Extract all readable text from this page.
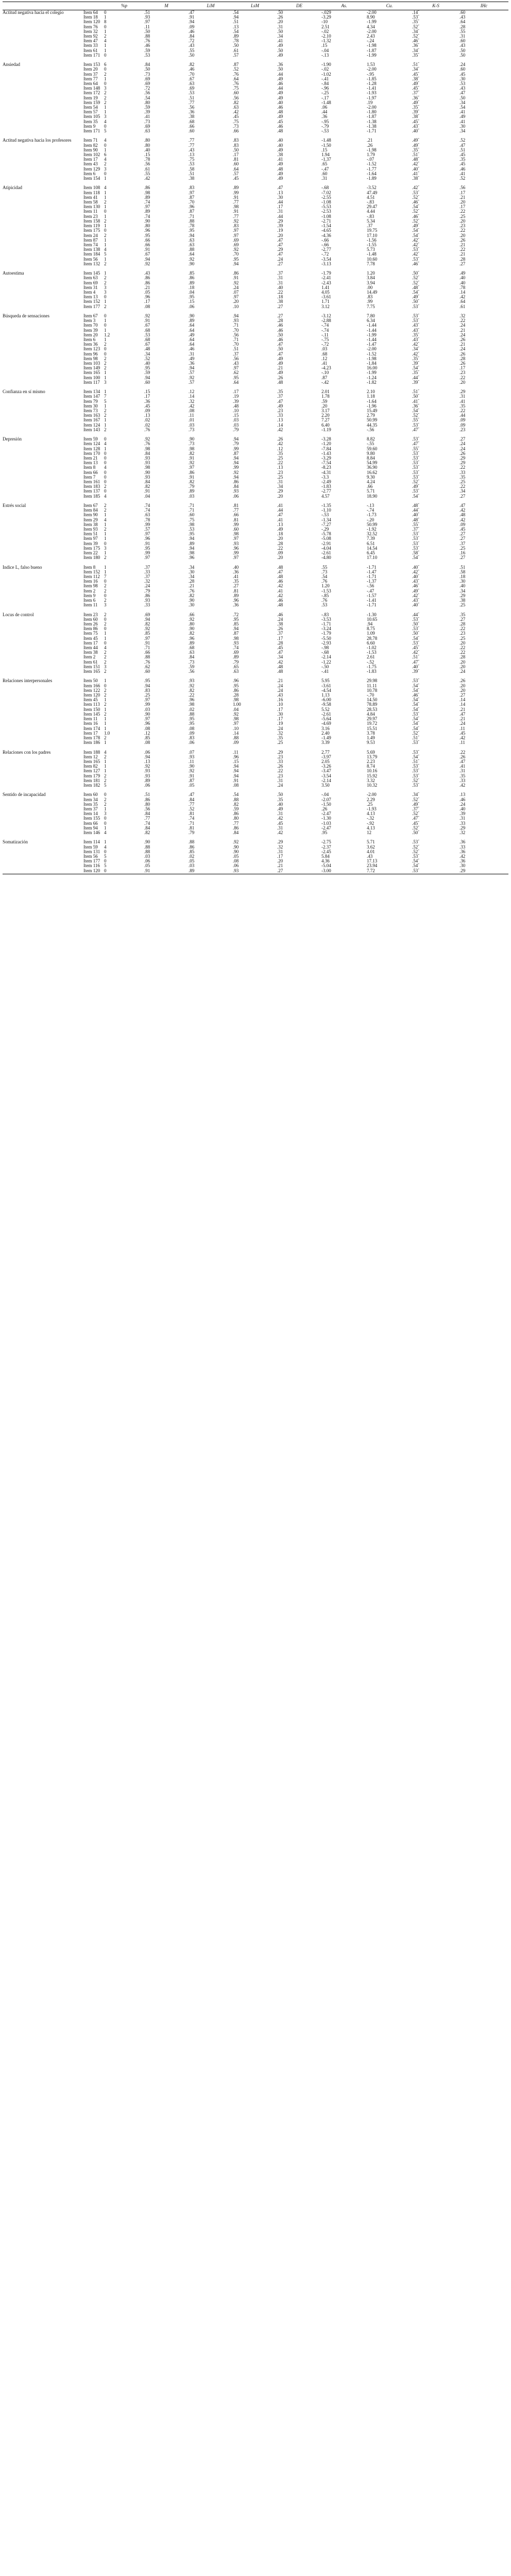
		%p	M	LiM	LsM	DE	As.	Cu.	K-S	IHc
Actitud negativa hacia el colegio	Item 64	0	.51	.47	.54	.50	-.029	-2.00	.14*	.60
	Item 18	1	.93	.91	.94	.26	-3.29	8.90	.53*	.43
	Item 120	8	.97	.94	.51	.20	-10	-1.99	.35*	.64
	Item 76	0	.11	.09	.13	.31	2.51	4.34	.52*	.28
	Item 32	1	.50	.46	.54	.50	-.02	-2.00	.34*	.55
	Item 92	2	.88	.84	.89	.34	-2.10	2.43	.52*	.31
	Item 47	4	.76	.72	.78	.41	-1.32	-.24	.46*	.60
	Item 33	1	.46	.43	.50	.49	.15	-1.98	.36*	.43
	Item 61	1	.59	.55	.61	.50	-.04	-1.87	.34*	.50
	Item 171	0	.53	.50	.57	.49	-.13	-1.99	.35*	.50

Ansiedad	Item 153	6	.84	.82	.87	.36	-1.90	1.53	.51*	.24
	Item 20	0	.50	.46	.52	.50	-.02	-2.00	.34*	.60
	Item 37	2	.73	.70	.76	.44	-1.02	-.95	.45*	.45
	Item 77	1	.69	.67	.64	.49	-.41	-1.85	.38*	.30
	Item 64	0	.69	.63	.76	.46	-.84	-1.28	.49*	.53
	Item 148	3	.72	.69	.75	.44	-.96	-1.41	.45*	.43
	Item 172	2	.56	.53	.60	.49	-.25	-1.93	.37*	.47
	Item 19	2	.54	.51	.56	.49	-.17	-1.97	.36*	.50
	Item 159	2	.80	.77	.82	.40	-1.48	.19	.49*	.34
	Item 54	1	.59	.56	.63	.46	.06	-2.00	.35*	.54
	Item 57	1	.39	.36	.42	.48	.44	-1.80	.39*	.41
	Item 105	3	.41	.38	.45	.49	.36	-1.87	.38*	.49
	Item 35	4	.73	.68	.75	.45	-.95	-1.38	.45*	.41
	Item 9	0	.69	.66	.73	.46	-.79	-1.38	.43*	.30
	Item 171	5	.63	.60	.66	.48	-.53	-1.71	.40*	.34

Actitud negativa hacia los profesores	Item 71	4	.80	.77	.83	.40	-1.48	.21	.49*	.52
	Item 82	0	.80	.77	.83	.40	-1.50	.26	.49*	.47
	Item 90	1	.40	.43	.50	.49	.15	-1.98	.35*	.51
	Item 102	6	.15	.13	.17	.38	1.94	1.79	.51*	.45
	Item 17	4	.78	.75	.81	.41	-1.37	-.07	.48*	.35
	Item 43	2	.56	.53	.60	.49	.65	-1.52	.42*	.45
	Item 129	3	.61	.58	.64	.48	-.47	-1.77	.40*	.46
	Item 6	0	.55	.51	.57	.49	.60	-1.64	.41*	.41
	Item 154	1	.42	.38	.45	.49	.31	-1.89	.38*	.52

Atipicidad	Item 108	4	.86	.83	.89	.47	-.68	-3.52	.42*	.56
	Item 118	1	.98	.97	.99	.13	-7.02	47.49	.53*	.17
	Item 41	1	.89	.87	.91	.30	-2.55	4.51	.52*	.21
	Item 58	2	.74	.70	.77	.44	-1.08	-.83	.46*	.20
	Item 130	1	.97	.96	.98	.17	-5.53	29.47	.54*	.17
	Item 11	0	.89	.87	.91	.31	-2.53	4.44	.52*	.22
	Item 23	1	.74	.71	.77	.44	-1.08	-.83	.46*	.25
	Item 158	2	.90	.88	.92	.29	-2.71	5.34	.52*	.20
	Item 119	1	.80	.78	.83	.39	-1.54	.37	.49*	.23
	Item 175	0	.96	.95	.97	.19	-4.65	19.75	.54*	.22
	Item 24	2	.95	.94	.97	.20	-4.36	17.10	.54*	.20
	Item 87	1	.66	.63	.69	.47	-.66	-1.56	.42*	.26
	Item 74	1	.66	.63	.69	.47	-.66	-1.55	.42*	.21
	Item 138	4	.91	.88	.92	.29	-2.77	5.73	.53*	.22
	Item 184	5	.67	.64	.70	.47	-.72	-1.48	.42*	.21
	Item 56	1	.94	.92	.95	.24	-3.54	10.60	.53*	.28
	Item 132	2	.92	.90	.94	.27	-3.13	7.78	.46*	.27

Autoestima	Item 145	1	.43	.85	.86	.37	-1.79	1.20	.50*	.49
	Item 63	2	.86	.86	.91	.31	-2.41	3.84	.52*	.40
	Item 69	2	.86	.89	.92	.31	-2.43	3.94	.52*	.40
	Item 31	3	.21	.18	.24	.40	1.41	.00	.48*	.78
	Item 4	3	.05	.04	.07	.22	4.05	14.49	.54*	.14
	Item 13	0	.96	.95	.97	.18	-3.61	.83	.49*	.42
	Item 152	1	.17	.15	.20	.38	1.71	.99	.50*	.64
	Item 177	2	.08	.06	.10	.27	3.12	7.75	.53*	.61

Búsqueda de sensaciones	Item 67	0	.92	.90	.94	.27	-3.12	7.80	.53*	.32
	Item 3	1	.91	.89	.93	.28	-2.88	6.34	.53*	.22
	Item 70	0	.67	.64	.71	.46	-.74	-1.44	.43*	.24
	Item 39	1	.68	.64	.70	.46	-.74	-1.44	.43*	.21
	Item 20	1.2	.53	.49	.56	.50	-.11	-1.99	.35*	.24
	Item 6	1	.68	.64	.71	.46	-.75	-1.44	.43*	.26
	Item 36	2	.67	.64	.70	.47	-.72	-1.47	.42*	.21
	Item 123	0	.48	.46	.51	.50	.03	-2.00	.34*	.24
	Item 96	0	.34	.31	.37	.47	.68	-1.52	.42*	.26
	Item 98	2	.52	.49	.56	.49	.12	-1.98	.35*	.28
	Item 103	2	.40	.36	.43	.49	.41	-1.84	.39*	.26
	Item 149	2	.95	.94	.97	.21	-4.23	16.00	.54*	.17
	Item 165	1	.59	.57	.62	.49	-.10	-1.99	.35*	.23
	Item 100	1	.94	.92	.95	.26	.87	-1.24	.44*	.22
	Item 117	3	.60	.57	.64	.48	-.42	-1.82	.39*	.20

Confianza en sí mismo	Item 134	1	.15	.12	.17	.35	2.01	2.10	.51*	.29
	Item 147	7	.17	.14	.19	.37	1.78	1.18	.50*	.31
	Item 79	5	.36	.32	.39	.47	.59	-1.64	.41*	.41
	Item 30	1	.45	.42	.48	.49	.20	-1.96	.36*	.35
	Item 73	2	.09	.08	.10	.23	3.17	15.49	.54*	.22
	Item 163	2	.13	.11	.15	.33	2.20	2.79	.52*	.44
	Item 167	1	.02	.01	.03	.13	7.27	50.99	.55*	.09
	Item 124	1	.02	.03	.03	.14	6.40	44.35	.53*	.09
	Item 143	2	.76	.73	.79	.42	-1.19	-.56	.47*	.23

Depresión	Item 59	0	.92	.90	.94	.26	-3.28	8.82	.53*	.27
	Item 124	4	.76	.73	.79	.42	-1.20	-.55	.47*	.24
	Item 128	1	.98	.98	.99	.12	-7.84	59.60	.55*	.24
	Item 170	0	.84	.82	.87	.35	-1.43	9.80	.53*	.26
	Item 21	0	.93	.91	.94	.25	-3.29	8.84	.53*	.29
	Item 13	0	.93	.92	.94	.22	-7.54	54.99	.53*	.29
	Item 8	4	.98	.97	.99	.13	-8.23	36.90	.53*	.22
	Item 66	0	.90	.86	.92	.23	-4.31	16.62	.53*	.33
	Item 7	0	.93	.91	.94	.25	-3.3	9.30	.53*	.35
	Item 161	0	.84	.82	.86	.31	-2.49	4.24	.52*	.25
	Item 183	2	.82	.79	.84	.34	-1.83	.66	.49*	.22
	Item 137	0	.91	.89	.93	.29	-2.77	5.71	.53*	.34
	Item 185	4	.04	.03	.06	.20	4.57	18.90	.54*	.27

Estrés social	Item 67	2	.74	.71	.81	.41	-1.35	-.13	.48*	.47
	Item 84	2	.74	.71	.77	.44	-1.10	-.74	.44*	.42
	Item 90	1	.63	.60	.66	.47	-.53	-1.73	.40*	.48
	Item 29	4	.78	.75	.81	.41	-1.34	-.20	.48*	.42
	Item 38	1	.99	.98	.99	.13	-7.27	50.99	.55*	.09
	Item 93	2	.57	.53	.60	.49	-.29	-1.92	.37*	.45
	Item 51	1	.97	.95	.98	.18	-5.78	32.52	.53*	.27
	Item 97	1	.96	.94	.97	.20	-5.08	7.39	.53*	.27
	Item 39	0	.91	.89	.93	.28	-2.91	6.51	.53*	.37
	Item 175	3	.95	.94	.96	.22	-4.04	14.54	.53*	.25
	Item 22	1	.99	.98	.99	.09	-2.61	6.45	.58*	.16
	Item 180	2	.97	.96	.97	.20	-4.80	17.10	.54*	.27

Índice L, falso bueno	Item 8	1	.37	.34	.40	.48	.55	-1.71	.40*	.51
	Item 152	1	.33	.30	.36	.47	.73	-1.47	.42*	.58
	Item 112	7	.37	.34	.41	.48	.54	-1.71	.40*	.18
	Item 16	0	.32	.28	.35	.46	.76	-1.37	.43*	.30
	Item 98	2	.24	.21	.27	.42	1.20	-.56	.46*	.40
	Item 2	2	.79	.76	.81	.41	-1.53	-.47	.49*	.34
	Item 9	0	.86	.82	.89	.42	-.85	-1.57	.42*	.29
	Item 6	2	.93	.90	.96	.46	.76	-1.41	.43*	.38
	Item 11	3	.33	.30	.36	.48	.53	-1.71	.40*	.25

Locus de control	Item 23	2	.69	.66	.72	.46	-.83	-1.30	.44*	.35
	Item 60	0	.94	.92	.95	.24	-3.53	10.65	.53*	.27
	Item 26	2	.82	.80	.85	.38	-1.71	.94	.50*	.28
	Item 86	0	.92	.90	.94	.26	-3.24	8.75	.53*	.22
	Item 75	1	.85	.82	.87	.37	-1.79	1.09	.50*	.23
	Item 45	1	.97	.96	.98	.17	-5.50	28.78	.54*	.25
	Item 17	0	.91	.89	.93	.28	-2.93	6.60	.53*	.20
	Item 44	4	.71	.68	.74	.45	-.98	-1.02	.45*	.22
	Item 38	2	.66	.63	.69	.47	-.68	-1.53	.42*	.22
	Item 2	2	.88	.84	.89	.34	-2.14	2.61	.51*	.28
	Item 61	2	.76	.73	.79	.42	-1.22	-.52	.47*	.20
	Item 151	3	.62	.59	.65	.48	-.50	-1.75	.40*	.20
	Item 165	2	.60	.56	.63	.48	-.41	-1.83	.39*	.24

Relaciones interpersonales	Item 50	1	.95	.93	.96	.21	5.95	29.98	.53*	.26
	Item 166	0	.94	.92	.95	.24	-3.61	11.11	.54*	.20
	Item 122	2	.83	.82	.86	.24	-4.54	10.78	.54*	.20
	Item 120	2	.25	.22	.28	.43	1.13	-.70	.46*	.27
	Item 45	1	.97	.96	.98	.16	-6.00	14.50	.54*	.14
	Item 113	2	.99	.98	1.00	.10	-9.58	78.89	.54*	.14
	Item 150	1	.03	.02	.04	.17	5.52	28.53	.54*	.21
	Item 145	2	.90	.88	.92	.30	-2.61	4.84	.53*	.47
	Item 11	1	.97	.95	.98	.17	-5.64	29.97	.54*	.21
	Item 16	1	.96	.95	.97	.19	-4.69	19.72	.54*	.24
	Item 174	1	.08	.08	.10	.24	3.16	15.51	.54*	.11
	Item 17	1.0	.12	.09	.14	.32	2.40	3.78	.52*	.45
	Item 178	2	.85	.83	.88	.35	-1.49	1.49	.51*	.42
	Item 186	1	.08	.06	.09	.25	3.39	9.53	.53*	.11

Relaciones con los padres	Item 188	4	.06	.07	.11	.29	2.77	5.69	.53*	.22
	Item 12	2	.94	.93	.96	.23	-3.97	13.79	.54*	.26
	Item 165	1	.13	.11	.15	.33	2.05	2.23	.51*	.47
	Item 82	1	.92	.90	.94	.26	-3.26	8.74	.53*	.41
	Item 127	1	.93	.92	.94	.22	-3.47	10.16	.53*	.31
	Item 179	2	.93	.91	.94	.23	-3.54	15.92	.53*	.35
	Item 181	2	.89	.87	.91	.31	-2.14	3.32	.52*	.33
	Item 182	5	.06	.05	.08	.24	3.50	10.32	.53*	.42

Sentido de incapacidad	Item 60	0	.51	.47	.54	.50	-.04	-2.00	.34*	.13
	Item 34	2	.86	.84	.88	.35	-2.07	2.29	.52*	.46
	Item 35	2	.80	.77	.82	.40	-1.50	.25	.49*	.24
	Item 37	1	.56	.52	.59	.49	.26	-1.93	.37*	.40
	Item 14	3	.84	.81	.86	.31	-2.47	4.13	.52*	.39
	Item 155	0	.77	.74	.80	.42	-1.30	-.32	.47*	.31
	Item 66	0	.74	.71	.77	.45	-1.03	-.92	.45*	.33
	Item 94	1	.84	.81	.86	.31	-2.47	4.13	.52*	.29
	Item 146	4	.82	.79	.84	.42	.95	12	.50*	.32

Somatización	Item 114	1	.90	.88	.92	.29	-2.75	5.71	.53*	.36
	Item 59	4	.88	.86	.90	.32	-2.37	3.62	.52*	.33
	Item 131	0	.88	.85	.90	.31	-2.45	4.01	.52*	.36
	Item 56	5	.03	.02	.05	.17	5.84	.43	.53*	.42
	Item 177	0	.06	.05	.08	.20	4.36	17.13	.54*	.36
	Item 116	5	.05	.03	.06	.21	-5.04	23.94	.54*	.30
	Item 120	0	.91	.89	.93	.27	-3.00	7.72	.53*	.29
